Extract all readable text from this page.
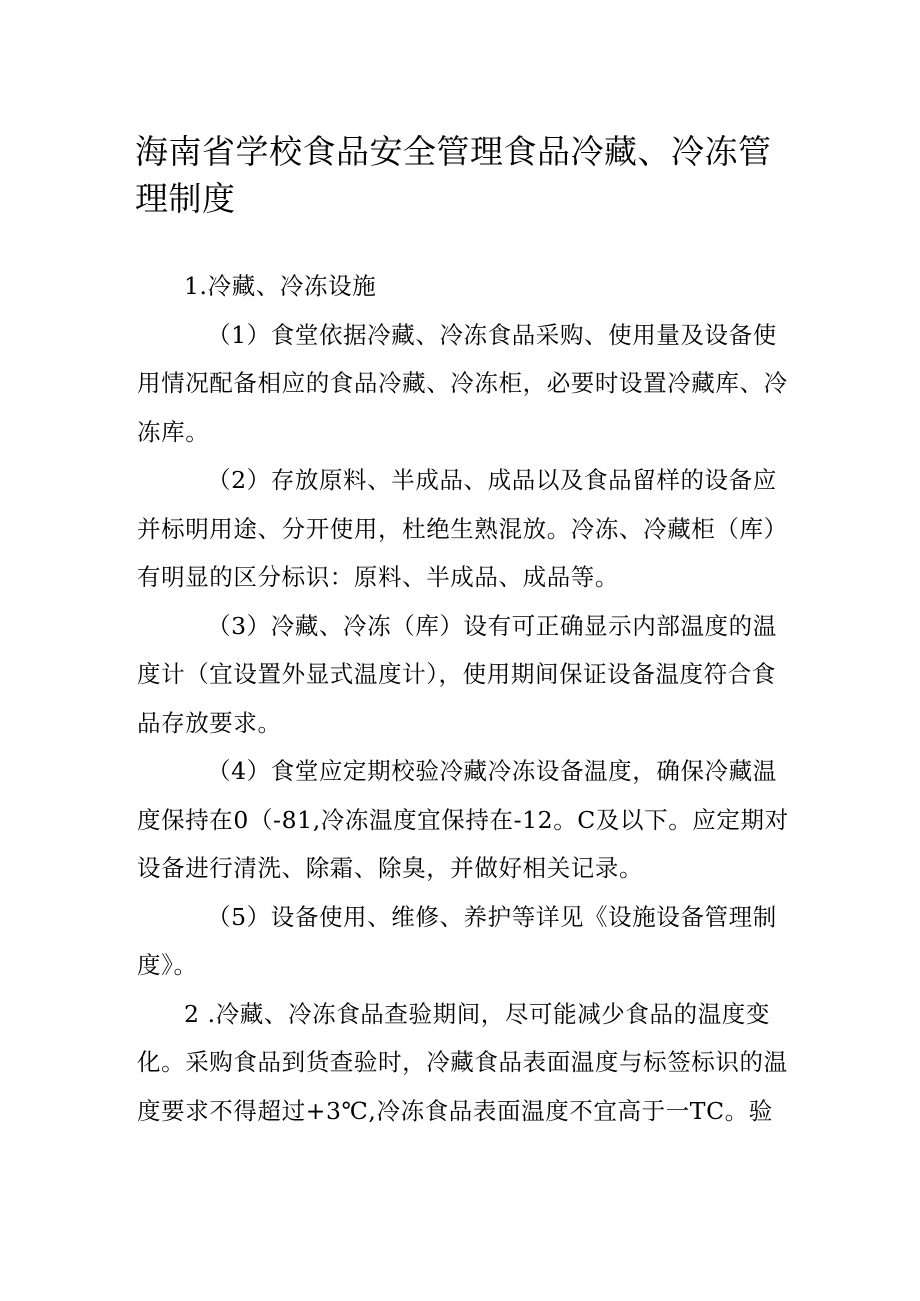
海南省学校食品安全管理食品冷藏、冷冻管理制度

1.冷藏、冷冻设施

（1）食堂依据冷藏、冷冻食品采购、使用量及设备使用情况配备相应的食品冷藏、冷冻柜，必要时设置冷藏库、冷冻库。

（2）存放原料、半成品、成品以及食品留样的设备应并标明用途、分开使用，杜绝生熟混放。冷冻、冷藏柜（库）有明显的区分标识：原料、半成品、成品等。

（3）冷藏、冷冻（库）设有可正确显示内部温度的温度计（宜设置外显式温度计），使用期间保证设备温度符合食品存放要求。

（4）食堂应定期校验冷藏冷冻设备温度，确保冷藏温度保持在0（-81,冷冻温度宜保持在-12。C及以下。应定期对设备进行清洗、除霜、除臭，并做好相关记录。

（5）设备使用、维修、养护等详见《设施设备管理制度》。

2 .冷藏、冷冻食品查验期间，尽可能减少食品的温度变化。采购食品到货查验时，冷藏食品表面温度与标签标识的温度要求不得超过+3℃,冷冻食品表面温度不宜高于一TC。验
